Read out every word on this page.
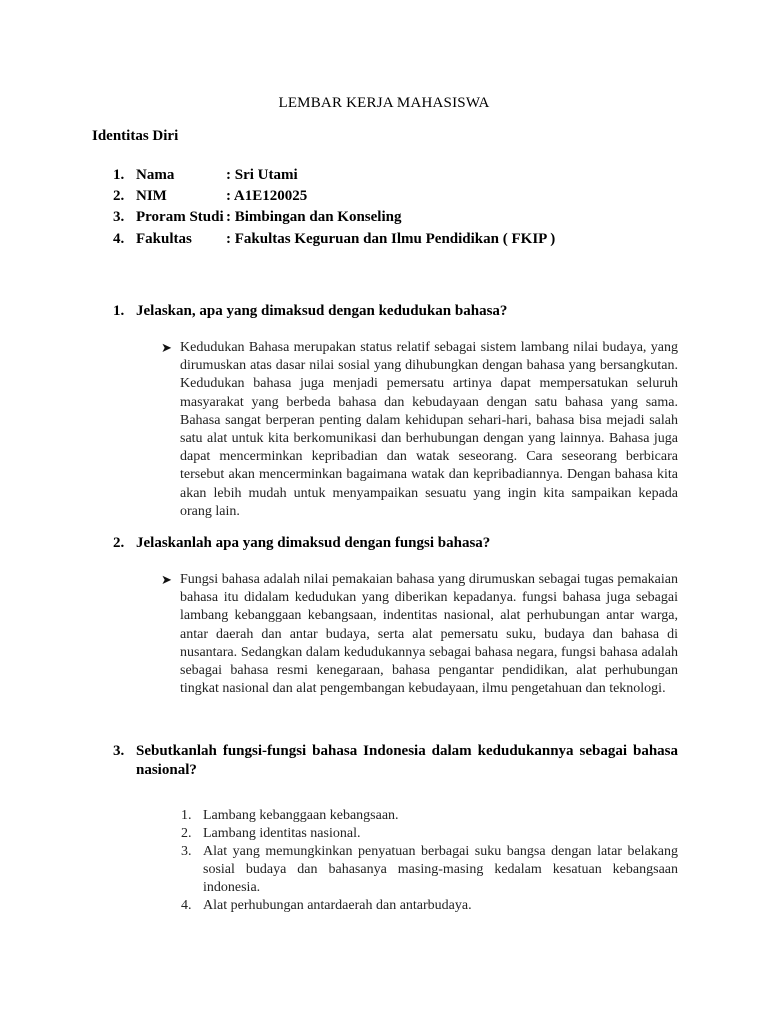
LEMBAR KERJA MAHASISWA
Identitas Diri
1. Nama	: Sri Utami
2. NIM	: A1E120025
3. Proram Studi : Bimbingan dan Konseling
4. Fakultas : Fakultas Keguruan dan Ilmu Pendidikan ( FKIP )
1. Jelaskan, apa yang dimaksud dengan kedudukan bahasa?
➤ Kedudukan Bahasa merupakan status relatif sebagai sistem lambang nilai budaya, yang dirumuskan atas dasar nilai sosial yang dihubungkan dengan bahasa yang bersangkutan. Kedudukan bahasa juga menjadi pemersatu artinya dapat mempersatukan seluruh masyarakat yang berbeda bahasa dan kebudayaan dengan satu bahasa yang sama. Bahasa sangat berperan penting dalam kehidupan sehari-hari, bahasa bisa mejadi salah satu alat untuk kita berkomunikasi dan berhubungan dengan yang lainnya. Bahasa juga dapat mencerminkan kepribadian dan watak seseorang. Cara seseorang berbicara tersebut akan mencerminkan bagaimana watak dan kepribadiannya. Dengan bahasa kita akan lebih mudah untuk menyampaikan sesuatu yang ingin kita sampaikan kepada orang lain.
2. Jelaskanlah apa yang dimaksud dengan fungsi bahasa?
➤ Fungsi bahasa adalah nilai pemakaian bahasa yang dirumuskan sebagai tugas pemakaian bahasa itu didalam kedudukan yang diberikan kepadanya. fungsi bahasa juga sebagai lambang kebanggaan kebangsaan, indentitas nasional, alat perhubungan antar warga, antar daerah dan antar budaya, serta alat pemersatu suku, budaya dan bahasa di nusantara. Sedangkan dalam kedudukannya sebagai bahasa negara, fungsi bahasa adalah sebagai bahasa resmi kenegaraan, bahasa pengantar pendidikan, alat perhubungan tingkat nasional dan alat pengembangan kebudayaan, ilmu pengetahuan dan teknologi.
3. Sebutkanlah fungsi-fungsi bahasa Indonesia dalam kedudukannya sebagai bahasa nasional?
1. Lambang kebanggaan kebangsaan.
2. Lambang identitas nasional.
3. Alat yang memungkinkan penyatuan berbagai suku bangsa dengan latar belakang sosial budaya dan bahasanya masing-masing kedalam kesatuan kebangsaan indonesia.
4. Alat perhubungan antardaerah dan antarbudaya.
